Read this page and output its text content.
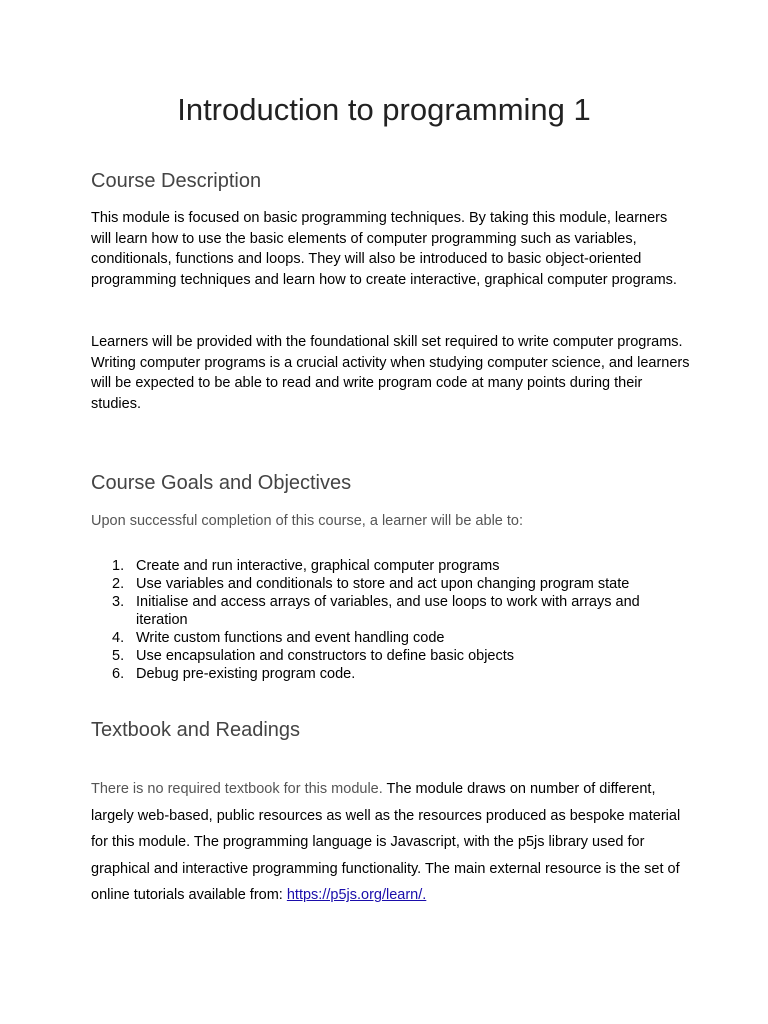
Introduction to programming 1
Course Description

This module is focused on basic programming techniques. By taking this module, learners will learn how to use the basic elements of computer programming such as variables, conditionals, functions and loops. They will also be introduced to basic object-oriented programming techniques and learn how to create interactive, graphical computer programs.

Learners will be provided with the foundational skill set required to write computer programs. Writing computer programs is a crucial activity when studying computer science, and learners will be expected to be able to read and write program code at many points during their studies.

Course Goals and Objectives

Upon successful completion of this course, a learner will be able to:

1. Create and run interactive, graphical computer programs
2. Use variables and conditionals to store and act upon changing program state
3. Initialise and access arrays of variables, and use loops to work with arrays and iteration
4. Write custom functions and event handling code
5. Use encapsulation and constructors to define basic objects
6. Debug pre-existing program code.
Textbook and Readings

There is no required textbook for this module. The module draws on number of different, largely web-based, public resources as well as the resources produced as bespoke material for this module. The programming language is Javascript, with the p5js library used for graphical and interactive programming functionality. The main external resource is the set of online tutorials available from: https://p5js.org/learn/.
